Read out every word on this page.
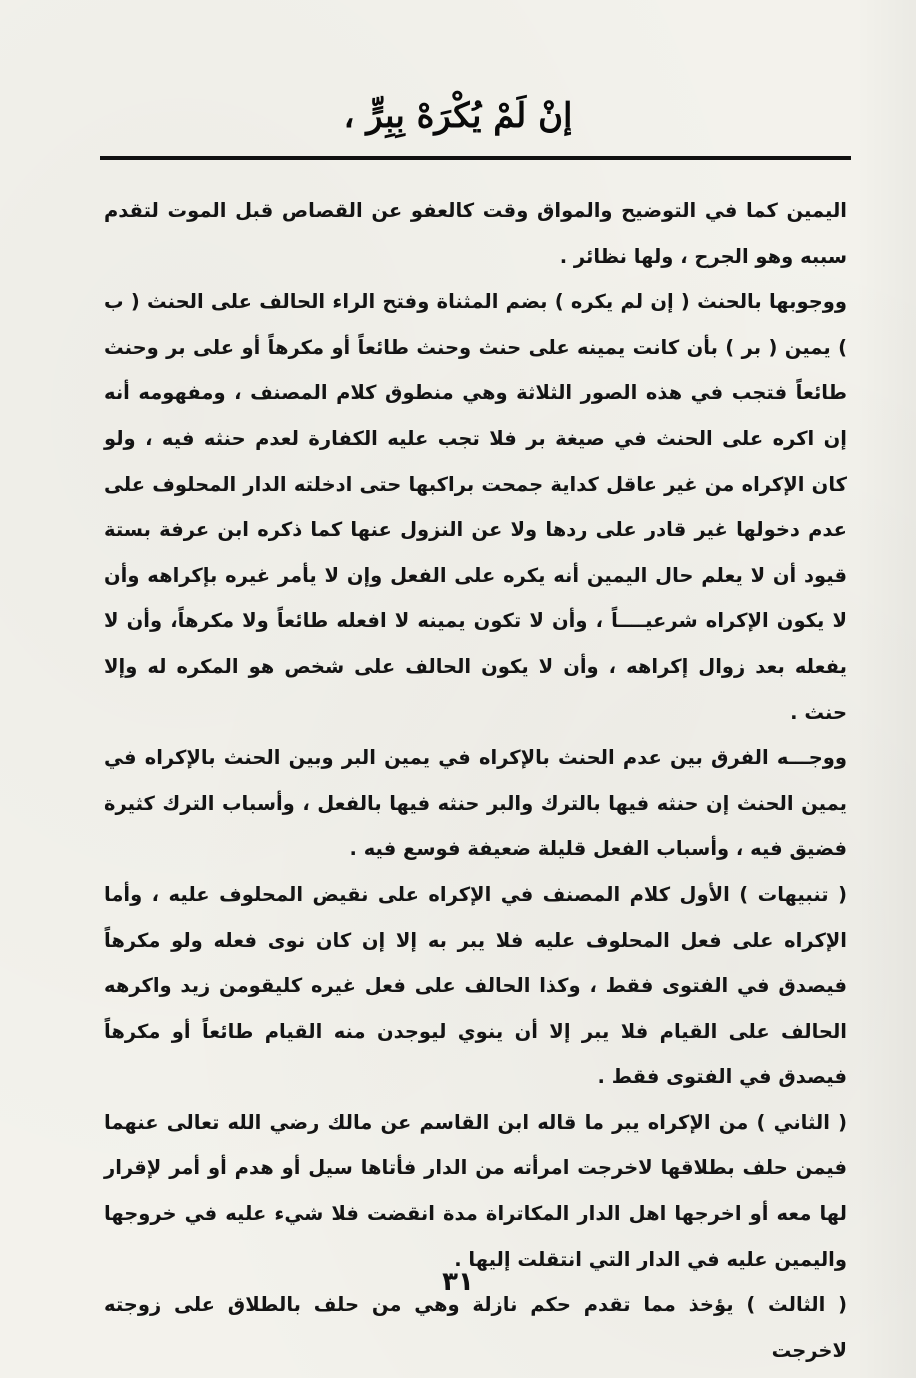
إنْ لَمْ يُكْرَهْ بِبِرٍّ ،

اليمين كما في التوضيح والمواق وقت كالعفو عن القصاص قبل الموت لتقدم سببه وهو الجرح ، ولها نظائر .

ووجوبها بالحنث ( إن لم يكره ) بضم المثناة وفتح الراء الحالف على الحنث ( ب ) يمين ( بر ) بأن كانت يمينه على حنث وحنث طائعاً أو مكرهاً أو على بر وحنث طائعاً فتجب في هذه الصور الثلاثة وهي منطوق كلام المصنف ، ومفهومه أنه إن اكره على الحنث في صيغة بر فلا تجب عليه الكفارة لعدم حنثه فيه ، ولو كان الإكراه من غير عاقل كداية جمحت براكبها حتى ادخلته الدار المحلوف على عدم دخولها غير قادر على ردها ولا عن النزول عنها كما ذكره ابن عرفة بستة قيود أن لا يعلم حال اليمين أنه يكره على الفعل وإن لا يأمر غيره بإكراهه وأن لا يكون الإكراه شرعيــــاً ، وأن لا تكون يمينه لا افعله طائعاً ولا مكرهاً، وأن لا يفعله بعد زوال إكراهه ، وأن لا يكون الحالف على شخص هو المكره له وإلا حنث .

ووجـــه الفرق بين عدم الحنث بالإكراه في يمين البر وبين الحنث بالإكراه في يمين الحنث إن حنثه فيها بالترك والبر حنثه فيها بالفعل ، وأسباب الترك كثيرة فضيق فيه ، وأسباب الفعل قليلة ضعيفة فوسع فيه .

( تنبيهات ) الأول كلام المصنف في الإكراه على نقيض المحلوف عليه ، وأما الإكراه على فعل المحلوف عليه فلا يبر به إلا إن كان نوى فعله ولو مكرهاً فيصدق في الفتوى فقط ، وكذا الحالف على فعل غيره كليقومن زيد واكرهه الحالف على القيام فلا يبر إلا أن ينوي ليوجدن منه القيام طائعاً أو مكرهاً فيصدق في الفتوى فقط .

( الثاني ) من الإكراه يبر ما قاله ابن القاسم عن مالك رضي الله تعالى عنهما فيمن حلف بطلاقها لاخرجت امرأته من الدار فأتاها سيل أو هدم أو أمر لإقرار لها معه أو اخرجها اهل الدار المكاتراة مدة انقضت فلا شيء عليه في خروجها واليمين عليه في الدار التي انتقلت إليها .

( الثالث ) يؤخذ مما تقدم حكم نازلة وهي من حلف بالطلاق على زوجته لاخرجت

٣١
